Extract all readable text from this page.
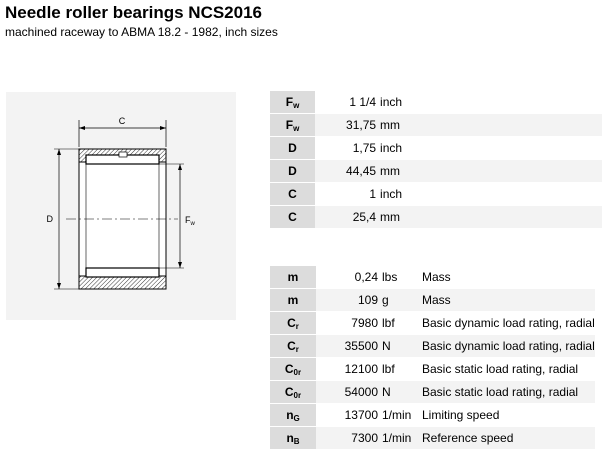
Needle roller bearings NCS2016
machined raceway to ABMA 18.2 - 1982, inch sizes
C
D	$F_w$
$F_w$	1 1/4	inch	
$F_w$	31,75	mm	
D	1,75	inch	
D	44,45	mm	
C	1	inch	
C	25,4	mm	
m	0,24	lbs	Mass
m	109	g	Mass
$C_r$	7980	lbf	Basic dynamic load rating, radial
$C_r$	35500	N	Basic dynamic load rating, radial
$C_{0r}$	12100	lbf	Basic static load rating, radial
$C_{0r}$	54000	N	Basic static load rating, radial
$n_G$	13700	1/min	Limiting speed
$n_B$	7300	1/min	Reference speed
